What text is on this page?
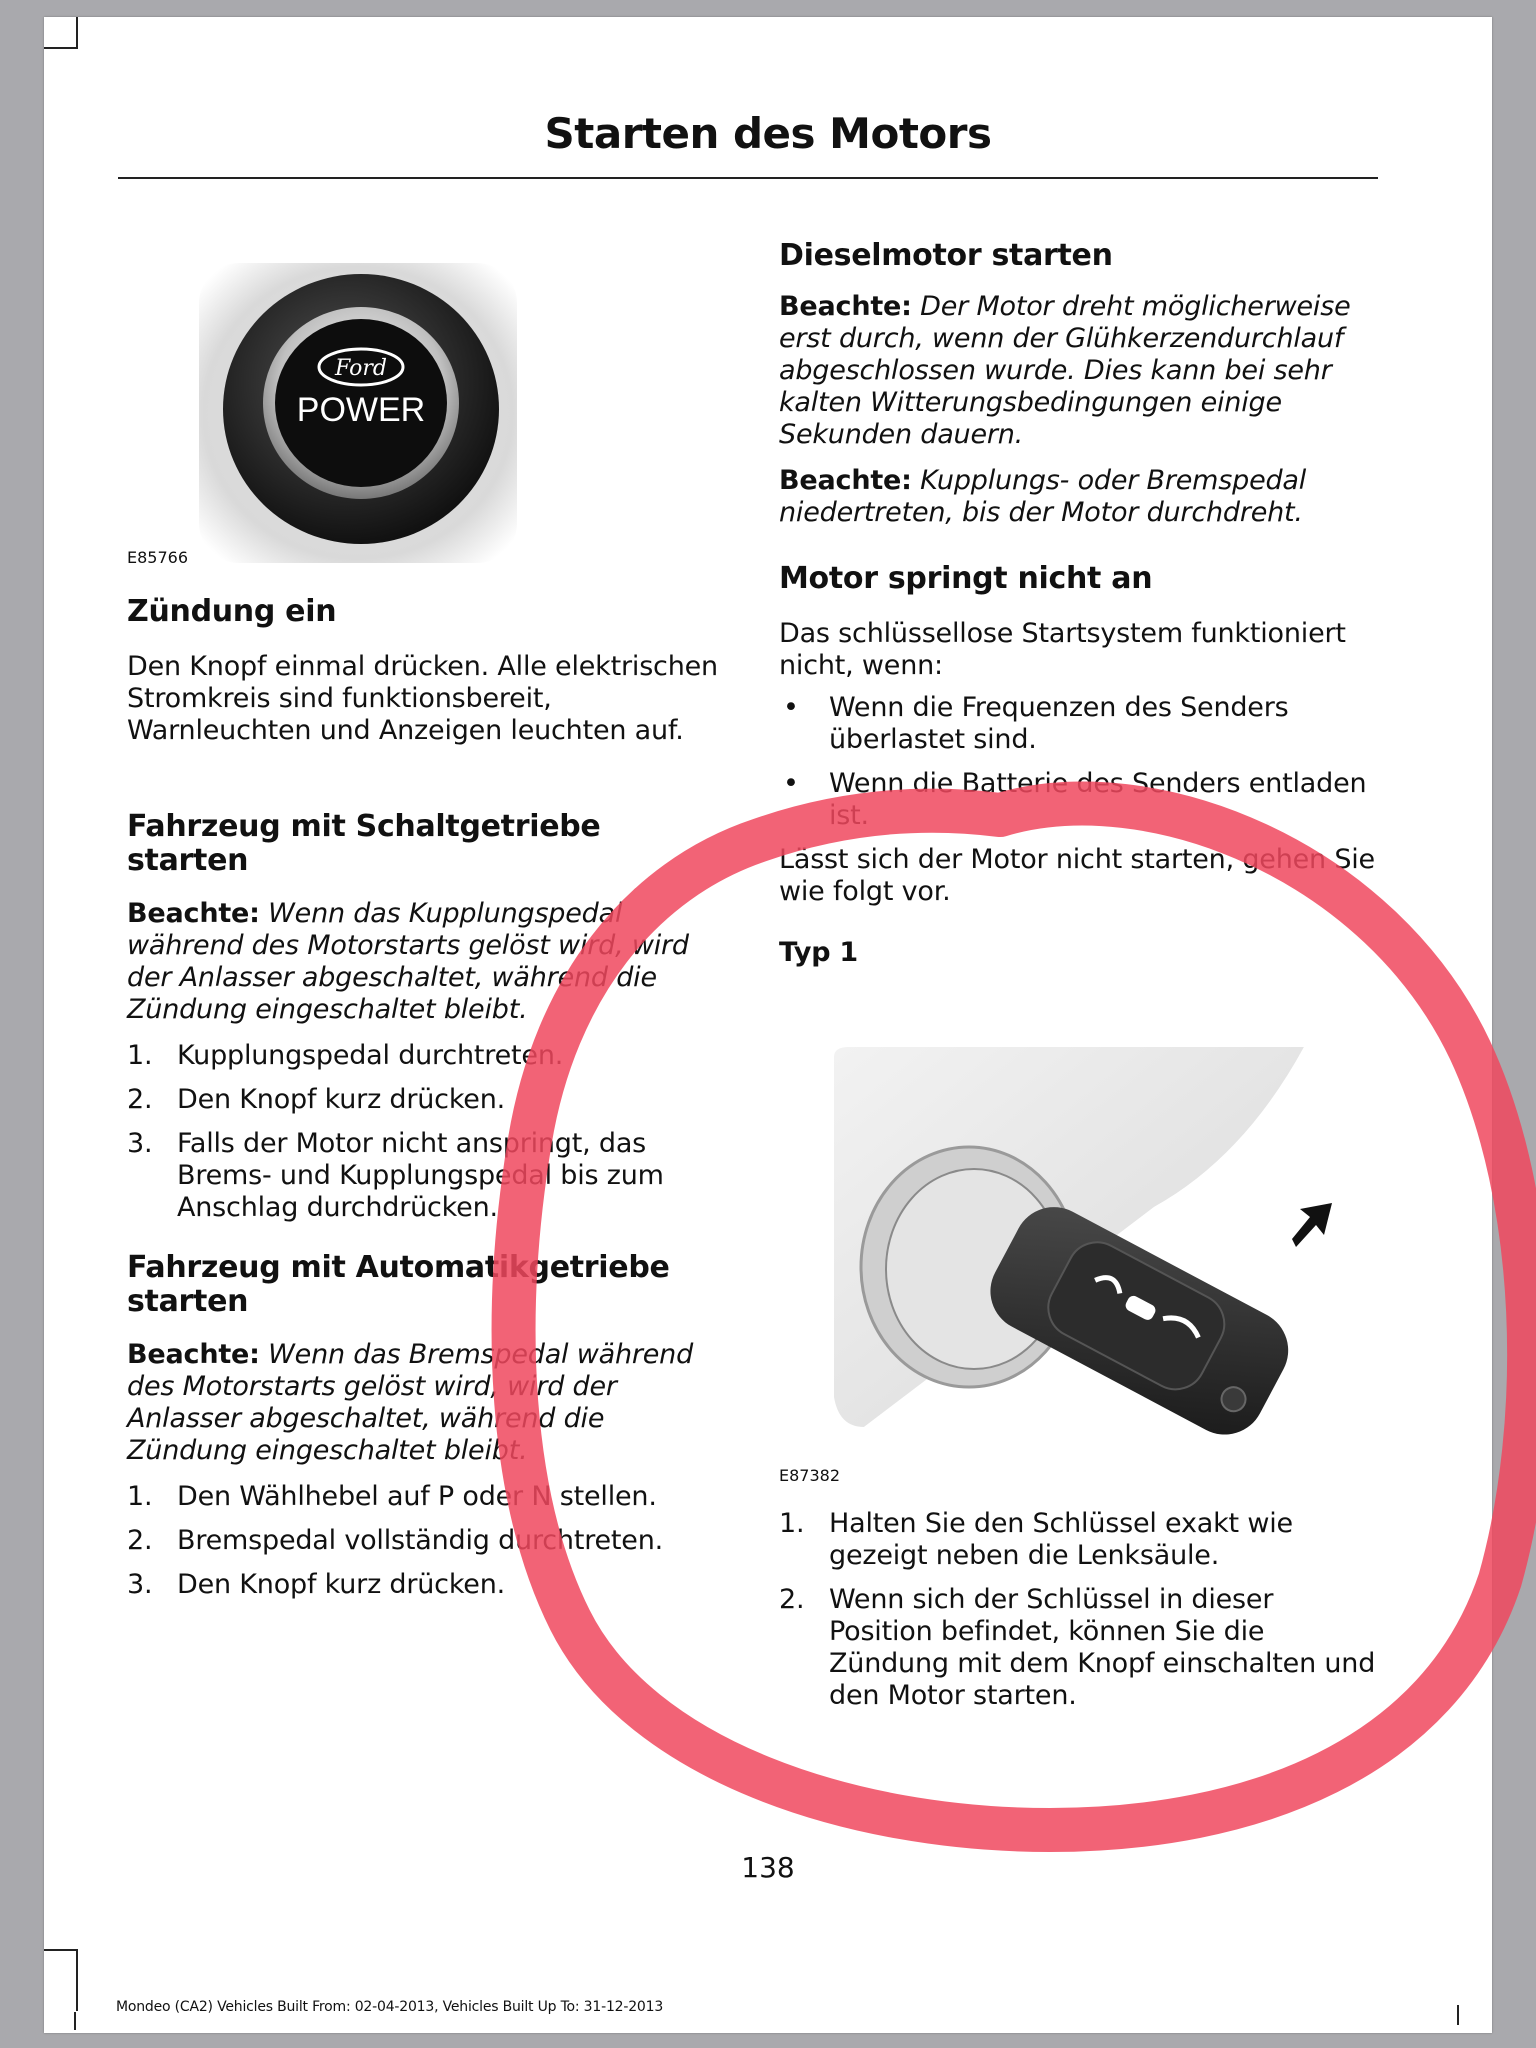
Starten des Motors
Ford
POWER
E85766
Zündung ein

Den Knopf einmal drücken. Alle elektrischen Stromkreis sind funktionsbereit, Warnleuchten und Anzeigen leuchten auf.

Fahrzeug mit Schaltgetriebe starten

Beachte: Wenn das Kupplungspedal während des Motorstarts gelöst wird, wird der Anlasser abgeschaltet, während die Zündung eingeschaltet bleibt.

1. Kupplungspedal durchtreten.
2. Den Knopf kurz drücken.
3. Falls der Motor nicht anspringt, das Brems- und Kupplungspedal bis zum Anschlag durchdrücken.
Fahrzeug mit Automatikgetriebe starten

Beachte: Wenn das Bremspedal während des Motorstarts gelöst wird, wird der Anlasser abgeschaltet, während die Zündung eingeschaltet bleibt.

1. Den Wählhebel auf P oder N stellen.
2. Bremspedal vollständig durchtreten.
3. Den Knopf kurz drücken.
Dieselmotor starten

Beachte: Der Motor dreht möglicherweise erst durch, wenn der Glühkerzendurchlauf abgeschlossen wurde. Dies kann bei sehr kalten Witterungsbedingungen einige Sekunden dauern.

Beachte: Kupplungs- oder Bremspedal niedertreten, bis der Motor durchdreht.

Motor springt nicht an

Das schlüssellose Startsystem funktioniert nicht, wenn:

• Wenn die Frequenzen des Senders überlastet sind.
• Wenn die Batterie des Senders entladen ist.

Lässt sich der Motor nicht starten, gehen Sie wie folgt vor.

Typ 1
E87382
1. Halten Sie den Schlüssel exakt wie gezeigt neben die Lenksäule.
2. Wenn sich der Schlüssel in dieser Position befindet, können Sie die Zündung mit dem Knopf einschalten und den Motor starten.
138
Mondeo (CA2) Vehicles Built From: 02-04-2013, Vehicles Built Up To: 31-12-2013
